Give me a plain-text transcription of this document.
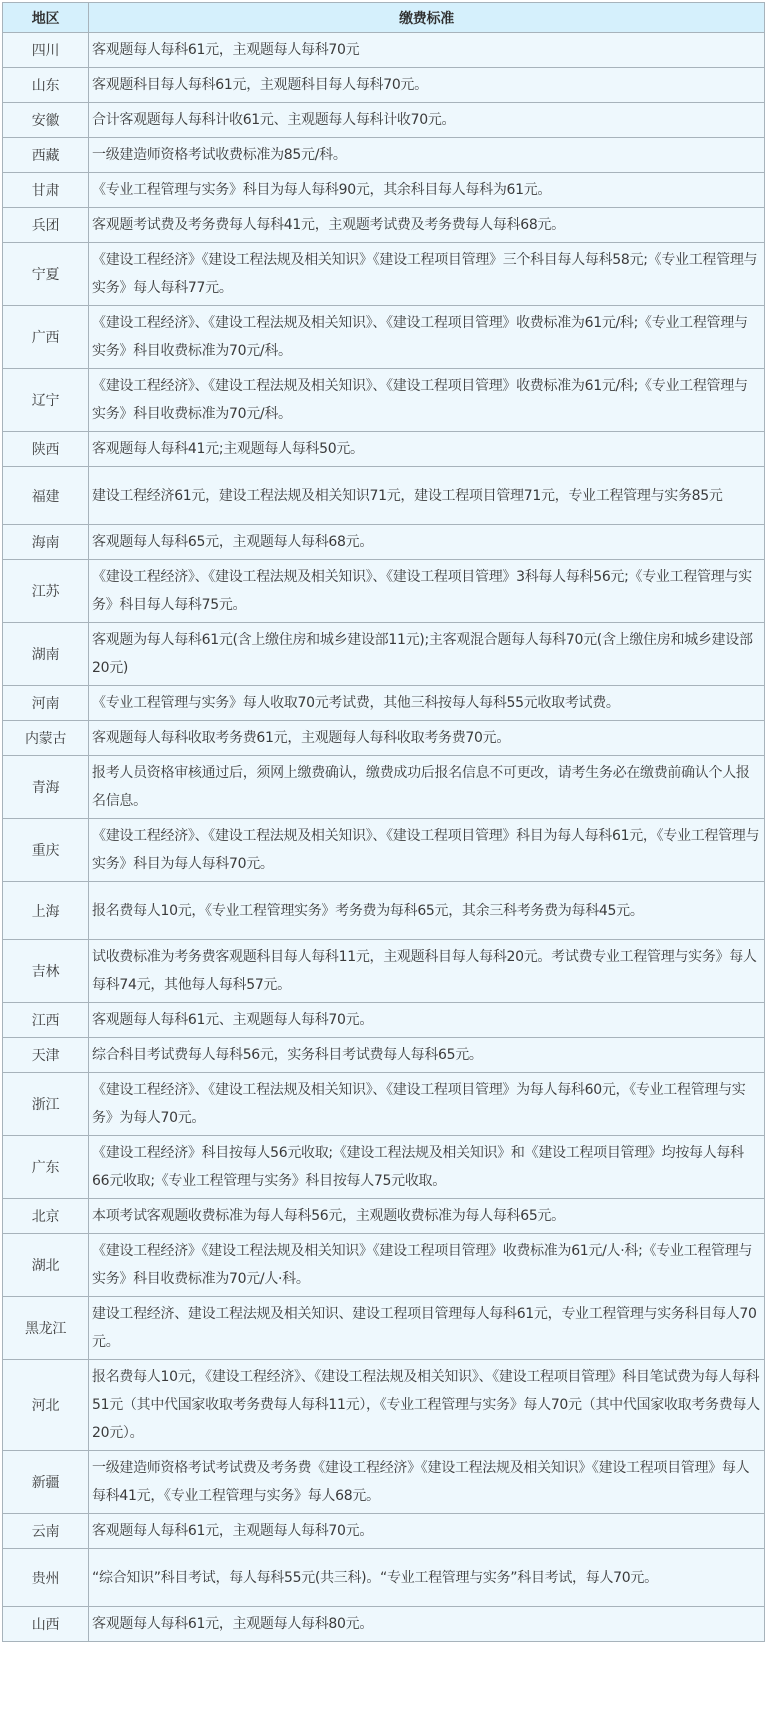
地区	缴费标准
四川	客观题每人每科61元，主观题每人每科70元
山东	客观题科目每人每科61元，主观题科目每人每科70元。
安徽	合计客观题每人每科计收61元、主观题每人每科计收70元。
西藏	一级建造师资格考试收费标准为85元/科。
甘肃	《专业工程管理与实务》科目为每人每科90元，其余科目每人每科为61元。
兵团	客观题考试费及考务费每人每科41元，主观题考试费及考务费每人每科68元。
宁夏	《建设工程经济》《建设工程法规及相关知识》《建设工程项目管理》三个科目每人每科58元;《专业工程管理与实务》每人每科77元。
广西	《建设工程经济》、《建设工程法规及相关知识》、《建设工程项目管理》收费标准为61元/科;《专业工程管理与实务》科目收费标准为70元/科。
辽宁	《建设工程经济》、《建设工程法规及相关知识》、《建设工程项目管理》收费标准为61元/科;《专业工程管理与实务》科目收费标准为70元/科。
陕西	客观题每人每科41元;主观题每人每科50元。
福建	建设工程经济61元，建设工程法规及相关知识71元，建设工程项目管理71元，专业工程管理与实务85元
海南	客观题每人每科65元，主观题每人每科68元。
江苏	《建设工程经济》、《建设工程法规及相关知识》、《建设工程项目管理》3科每人每科56元;《专业工程管理与实务》科目每人每科75元。
湖南	客观题为每人每科61元(含上缴住房和城乡建设部11元);主客观混合题每人每科70元(含上缴住房和城乡建设部20元)
河南	《专业工程管理与实务》每人收取70元考试费，其他三科按每人每科55元收取考试费。
内蒙古	客观题每人每科收取考务费61元，主观题每人每科收取考务费70元。
青海	报考人员资格审核通过后，须网上缴费确认，缴费成功后报名信息不可更改，请考生务必在缴费前确认个人报名信息。
重庆	《建设工程经济》、《建设工程法规及相关知识》、《建设工程项目管理》科目为每人每科61元，《专业工程管理与实务》科目为每人每科70元。
上海	报名费每人10元，《专业工程管理实务》考务费为每科65元，其余三科考务费为每科45元。
吉林	试收费标准为考务费客观题科目每人每科11元，主观题科目每人每科20元。考试费专业工程管理与实务》每人每科74元，其他每人每科57元。
江西	客观题每人每科61元、主观题每人每科70元。
天津	综合科目考试费每人每科56元，实务科目考试费每人每科65元。
浙江	《建设工程经济》、《建设工程法规及相关知识》、《建设工程项目管理》为每人每科60元，《专业工程管理与实务》为每人70元。
广东	《建设工程经济》科目按每人56元收取;《建设工程法规及相关知识》和《建设工程项目管理》均按每人每科66元收取;《专业工程管理与实务》科目按每人75元收取。
北京	本项考试客观题收费标准为每人每科56元，主观题收费标准为每人每科65元。
湖北	《建设工程经济》《建设工程法规及相关知识》《建设工程项目管理》收费标准为61元/人·科;《专业工程管理与实务》科目收费标准为70元/人·科。
黑龙江	建设工程经济、建设工程法规及相关知识、建设工程项目管理每人每科61元，专业工程管理与实务科目每人70元。
河北	报名费每人10元，《建设工程经济》、《建设工程法规及相关知识》、《建设工程项目管理》科目笔试费为每人每科51元（其中代国家收取考务费每人每科11元），《专业工程管理与实务》每人70元（其中代国家收取考务费每人20元）。
新疆	一级建造师资格考试考试费及考务费《建设工程经济》《建设工程法规及相关知识》《建设工程项目管理》每人每科41元，《专业工程管理与实务》每人68元。
云南	客观题每人每科61元，主观题每人每科70元。
贵州	“综合知识”科目考试，每人每科55元(共三科)。“专业工程管理与实务”科目考试，每人70元。
山西	客观题每人每科61元，主观题每人每科80元。
